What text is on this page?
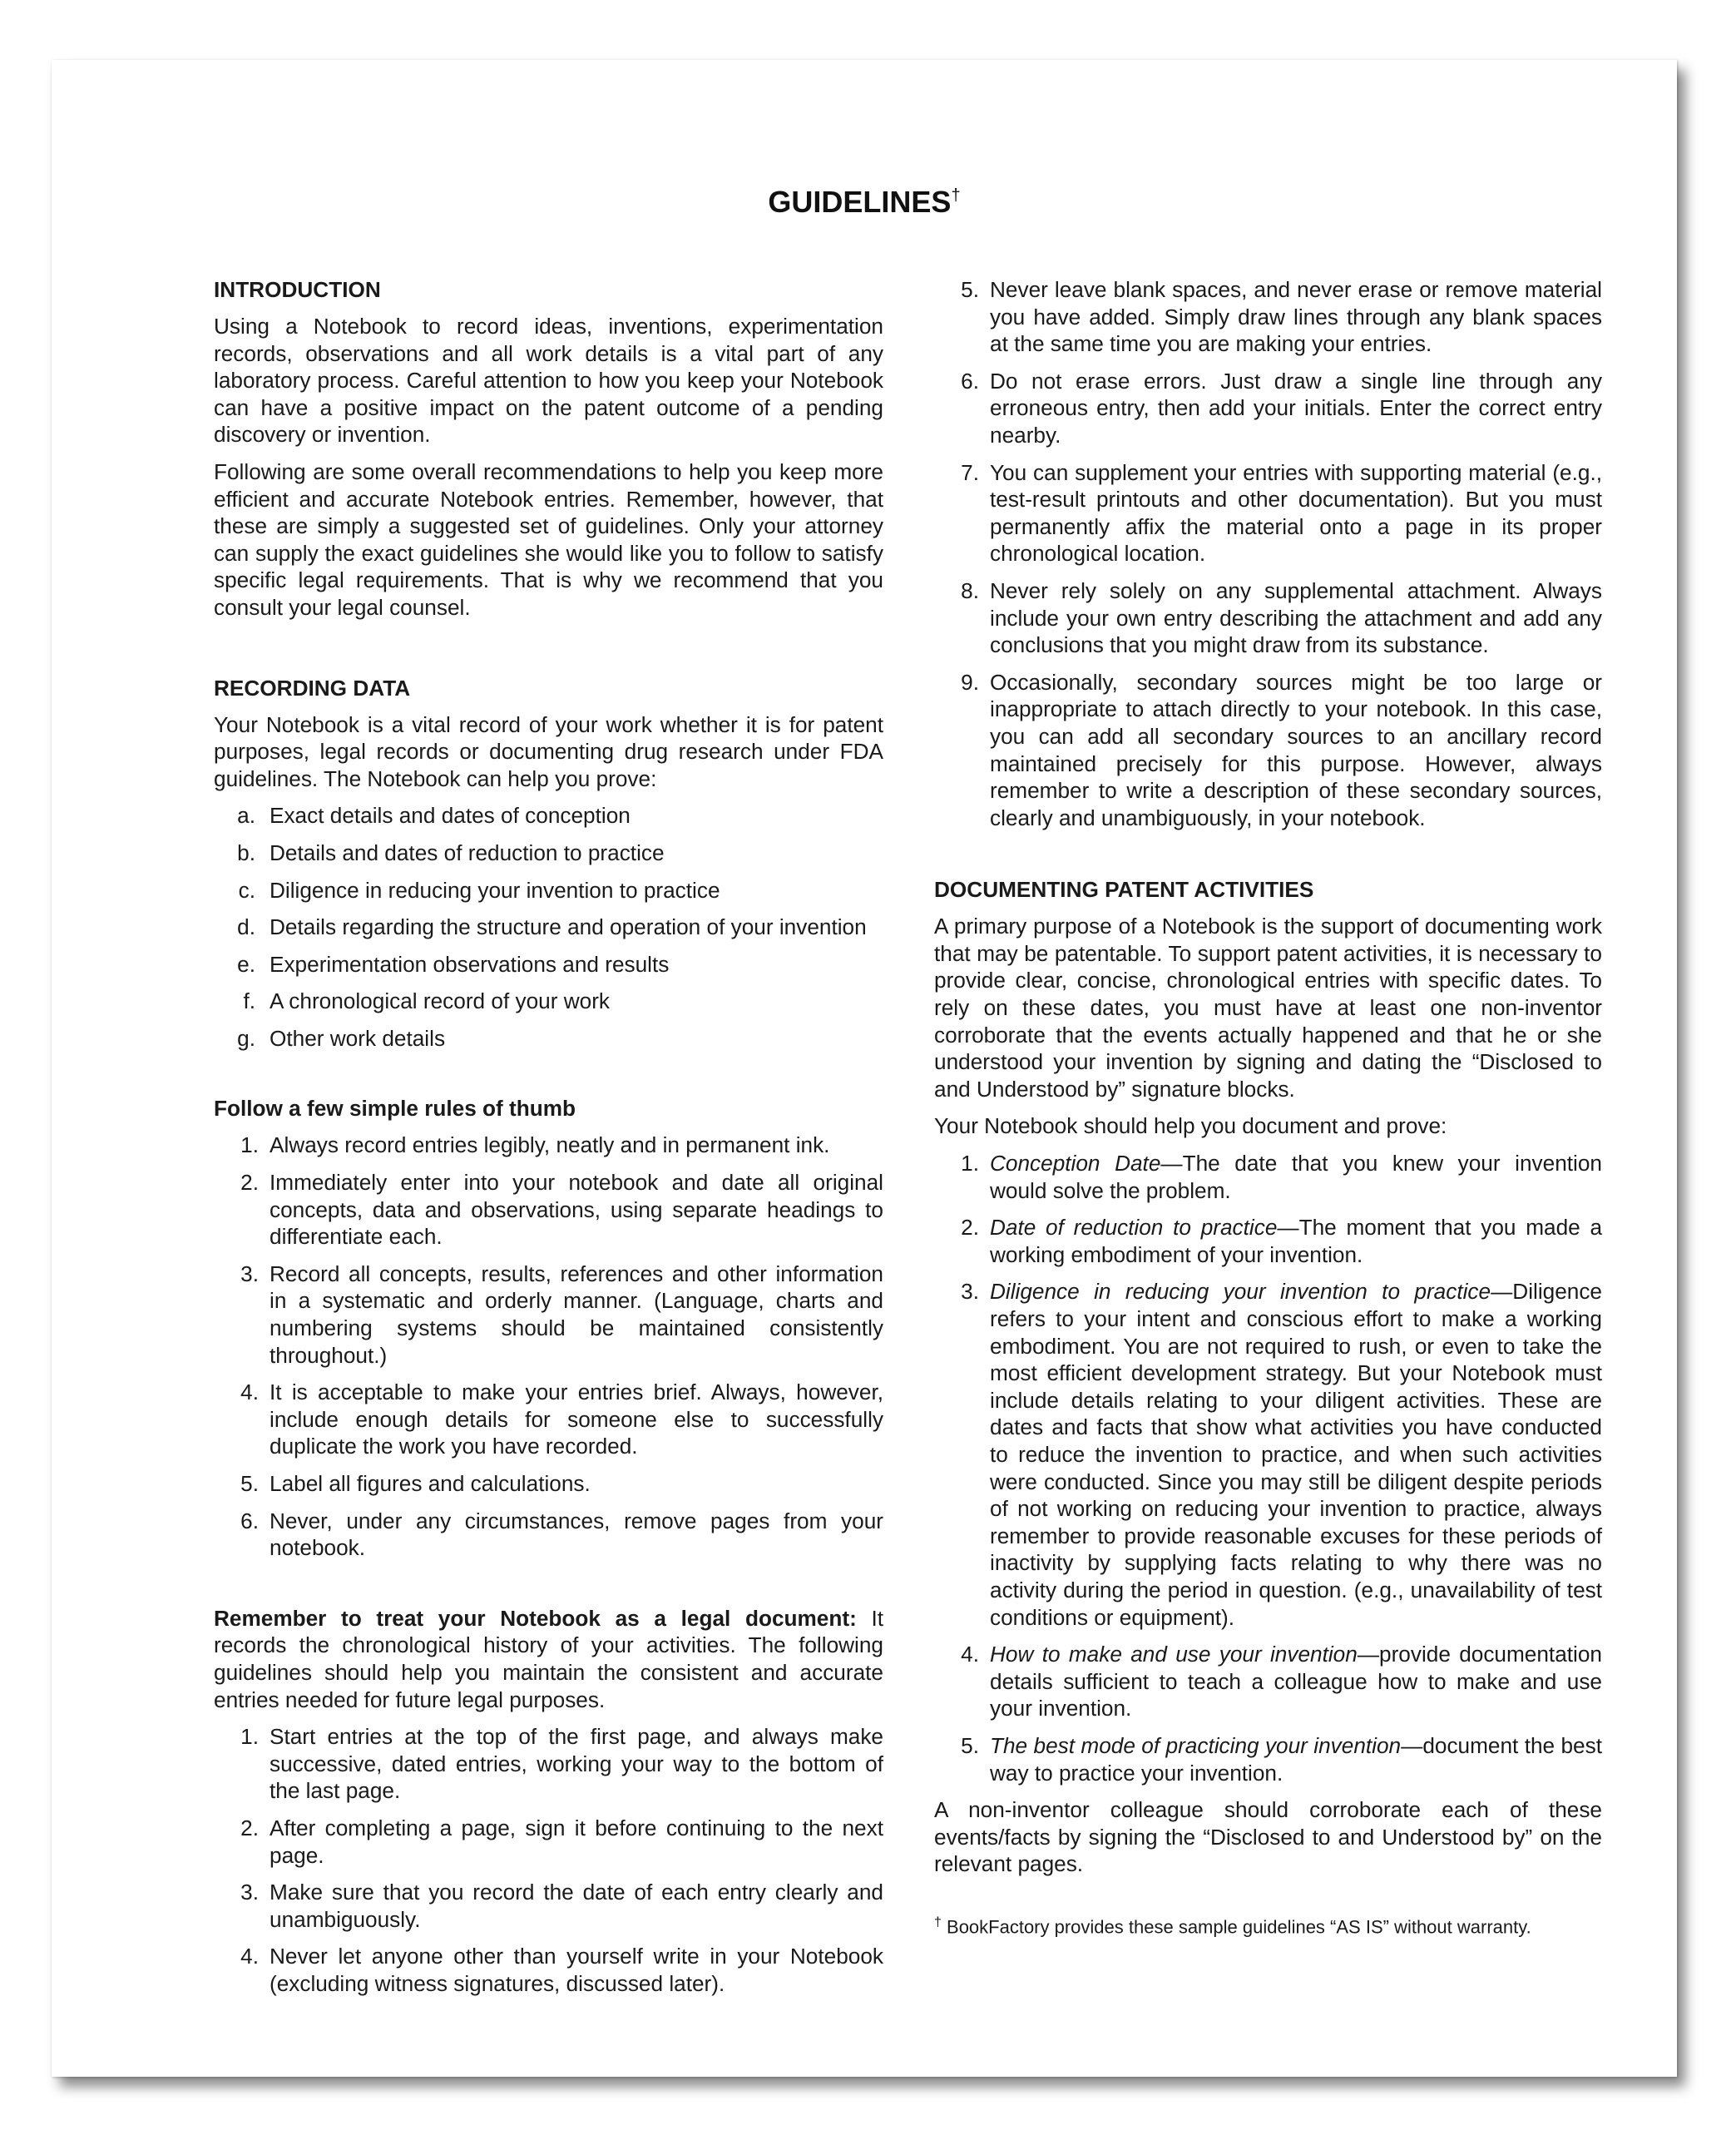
GUIDELINES†
INTRODUCTION

Using a Notebook to record ideas, inventions, experimentation records, observations and all work details is a vital part of any laboratory process. Careful attention to how you keep your Notebook can have a positive impact on the patent outcome of a pending discovery or invention.

Following are some overall recommendations to help you keep more efficient and accurate Notebook entries. Remember, however, that these are simply a suggested set of guidelines. Only your attorney can supply the exact guidelines she would like you to follow to satisfy specific legal requirements. That is why we recommend that you consult your legal counsel.

RECORDING DATA

Your Notebook is a vital record of your work whether it is for patent purposes, legal records or documenting drug research under FDA guidelines. The Notebook can help you prove:

a. Exact details and dates of conception
b. Details and dates of reduction to practice
c. Diligence in reducing your invention to practice
d. Details regarding the structure and operation of your invention
e. Experimentation observations and results
f. A chronological record of your work
g. Other work details
Follow a few simple rules of thumb
1. Always record entries legibly, neatly and in permanent ink.
2. Immediately enter into your notebook and date all original concepts, data and observations, using separate headings to differentiate each.
3. Record all concepts, results, references and other information in a systematic and orderly manner. (Language, charts and numbering systems should be maintained consistently throughout.)
4. It is acceptable to make your entries brief. Always, however, include enough details for someone else to successfully duplicate the work you have recorded.
5. Label all figures and calculations.
6. Never, under any circumstances, remove pages from your notebook.

Remember to treat your Notebook as a legal document: It records the chronological history of your activities. The following guidelines should help you maintain the consistent and accurate entries needed for future legal purposes.

1. Start entries at the top of the first page, and always make successive, dated entries, working your way to the bottom of the last page.
2. After completing a page, sign it before continuing to the next page.
3. Make sure that you record the date of each entry clearly and unambiguously.
4. Never let anyone other than yourself write in your Notebook (excluding witness signatures, discussed later).
5. Never leave blank spaces, and never erase or remove material you have added. Simply draw lines through any blank spaces at the same time you are making your entries.
6. Do not erase errors. Just draw a single line through any erroneous entry, then add your initials. Enter the correct entry nearby.
7. You can supplement your entries with supporting material (e.g., test-result printouts and other documentation). But you must permanently affix the material onto a page in its proper chronological location.
8. Never rely solely on any supplemental attachment. Always include your own entry describing the attachment and add any conclusions that you might draw from its substance.
9. Occasionally, secondary sources might be too large or inappropriate to attach directly to your notebook. In this case, you can add all secondary sources to an ancillary record maintained precisely for this purpose. However, always remember to write a description of these secondary sources, clearly and unambiguously, in your notebook.
DOCUMENTING PATENT ACTIVITIES

A primary purpose of a Notebook is the support of documenting work that may be patentable. To support patent activities, it is necessary to provide clear, concise, chronological entries with specific dates. To rely on these dates, you must have at least one non-inventor corroborate that the events actually happened and that he or she understood your invention by signing and dating the “Disclosed to and Understood by” signature blocks.

Your Notebook should help you document and prove:

1. Conception Date—The date that you knew your invention would solve the problem.
2. Date of reduction to practice—The moment that you made a working embodiment of your invention.
3. Diligence in reducing your invention to practice—Diligence refers to your intent and conscious effort to make a working embodiment. You are not required to rush, or even to take the most efficient development strategy. But your Notebook must include details relating to your diligent activities. These are dates and facts that show what activities you have conducted to reduce the invention to practice, and when such activities were conducted. Since you may still be diligent despite periods of not working on reducing your invention to practice, always remember to provide reasonable excuses for these periods of inactivity by supplying facts relating to why there was no activity during the period in question. (e.g., unavailability of test conditions or equipment).
4. How to make and use your invention—provide documentation details sufficient to teach a colleague how to make and use your invention.
5. The best mode of practicing your invention—document the best way to practice your invention.

A non-inventor colleague should corroborate each of these events/facts by signing the “Disclosed to and Understood by” on the relevant pages.

† BookFactory provides these sample guidelines “AS IS” without warranty.
